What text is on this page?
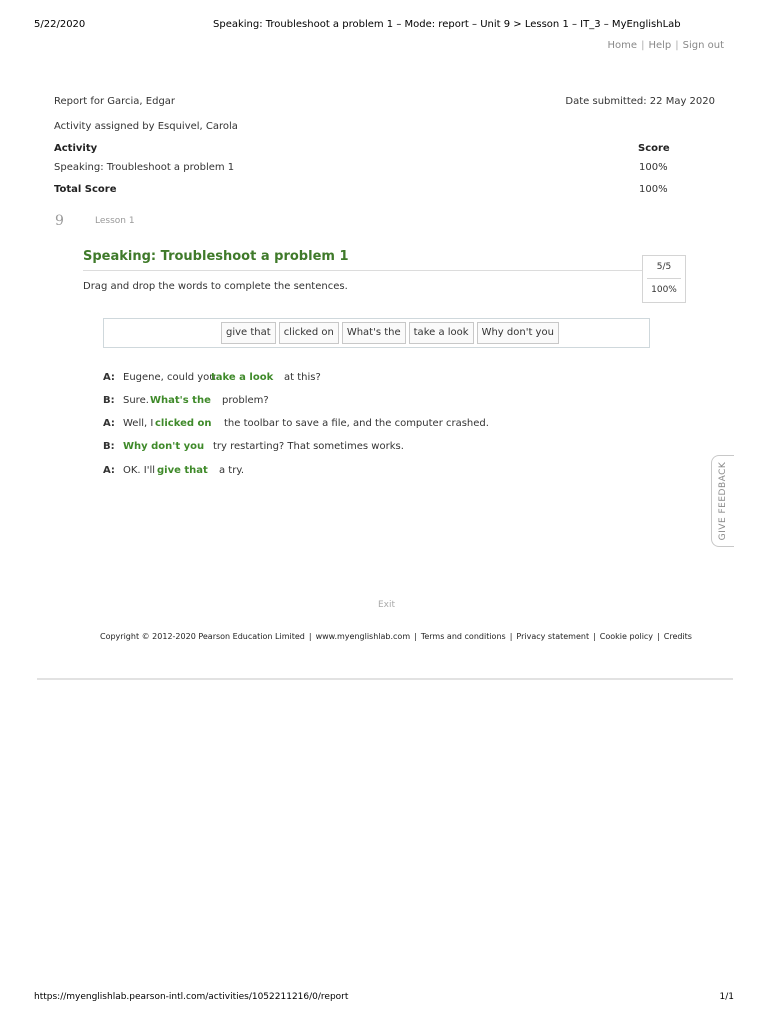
5/22/2020	Speaking: Troubleshoot a problem 1 – Mode: report – Unit 9 > Lesson 1 – IT_3 – MyEnglishLab
Home | Help | Sign out
Report for Garcia, Edgar	Date submitted: 22 May 2020
Activity assigned by Esquivel, Carola
Activity	Score
Speaking: Troubleshoot a problem 1	100%
Total Score	100%
9	Lesson 1
Speaking: Troubleshoot a problem 1
Drag and drop the words to complete the sentences.
5/5
100%
give that	clicked on	What's the	take a look	Why don't you
A: Eugene, could you
take a look at this?
B: Sure. What's the problem?
A: Well, I clicked on the toolbar to save a file, and the computer crashed.
B: Why don't you try restarting? That sometimes works.
A: OK. I'll give that a try.	GIVE FEEDBACK
Exit
Copyright © 2012-2020 Pearson Education Limited | www.myenglishlab.com | Terms and conditions | Privacy statement | Cookie policy | Credits
https://myenglishlab.pearson-intl.com/activities/1052211216/0/report	1/1
